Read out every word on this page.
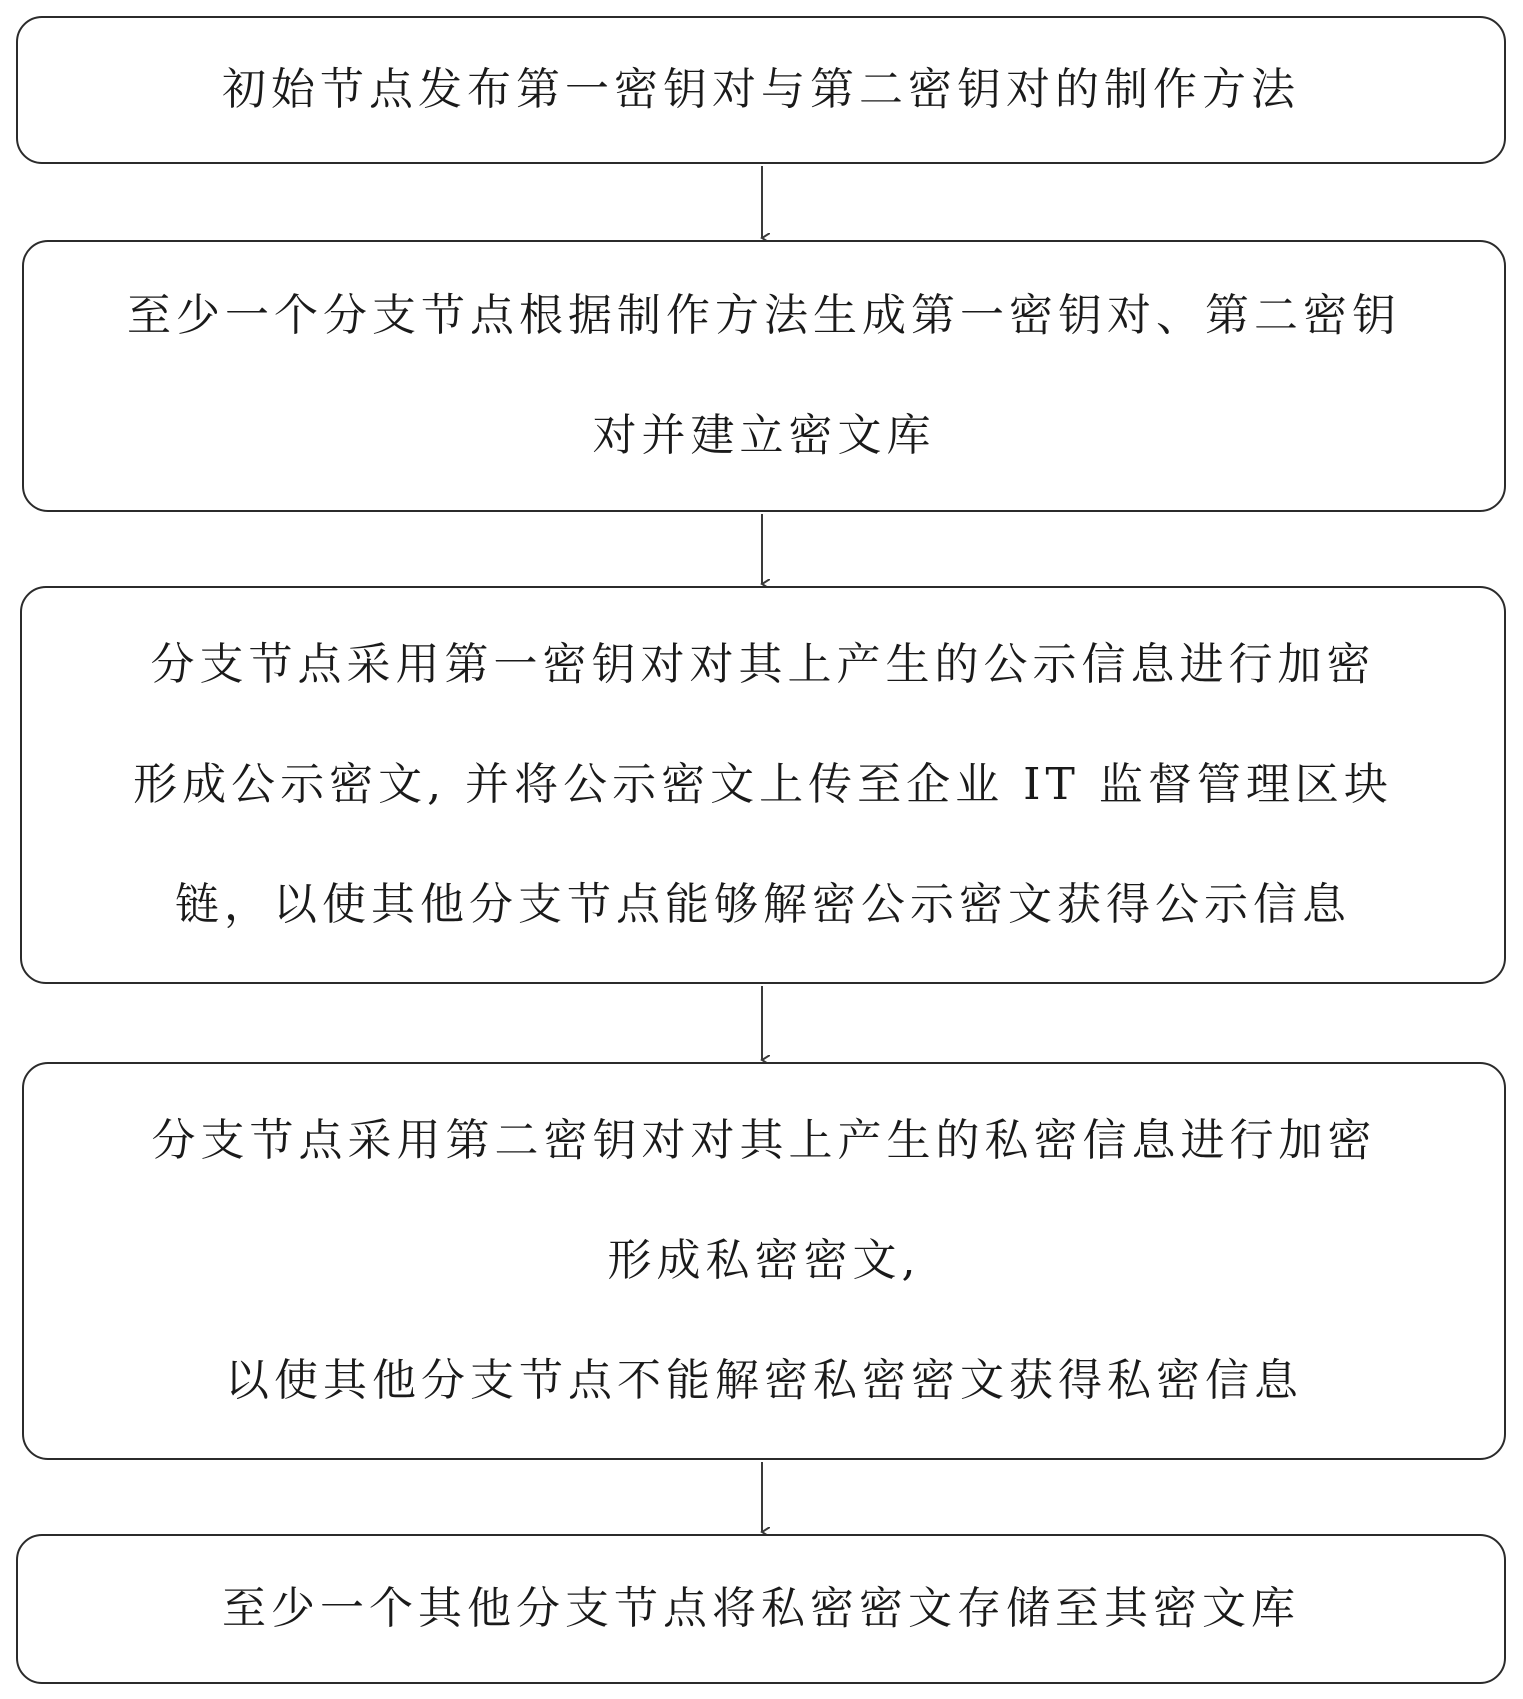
初始节点发布第一密钥对与第二密钥对的制作方法
至少一个分支节点根据制作方法生成第一密钥对、第二密钥
对并建立密文库
分支节点采用第一密钥对对其上产生的公示信息进行加密
形成公示密文, 并将公示密文上传至企业 IT 监督管理区块
链，以使其他分支节点能够解密公示密文获得公示信息
分支节点采用第二密钥对对其上产生的私密信息进行加密
形成私密密文,
以使其他分支节点不能解密私密密文获得私密信息
至少一个其他分支节点将私密密文存储至其密文库
